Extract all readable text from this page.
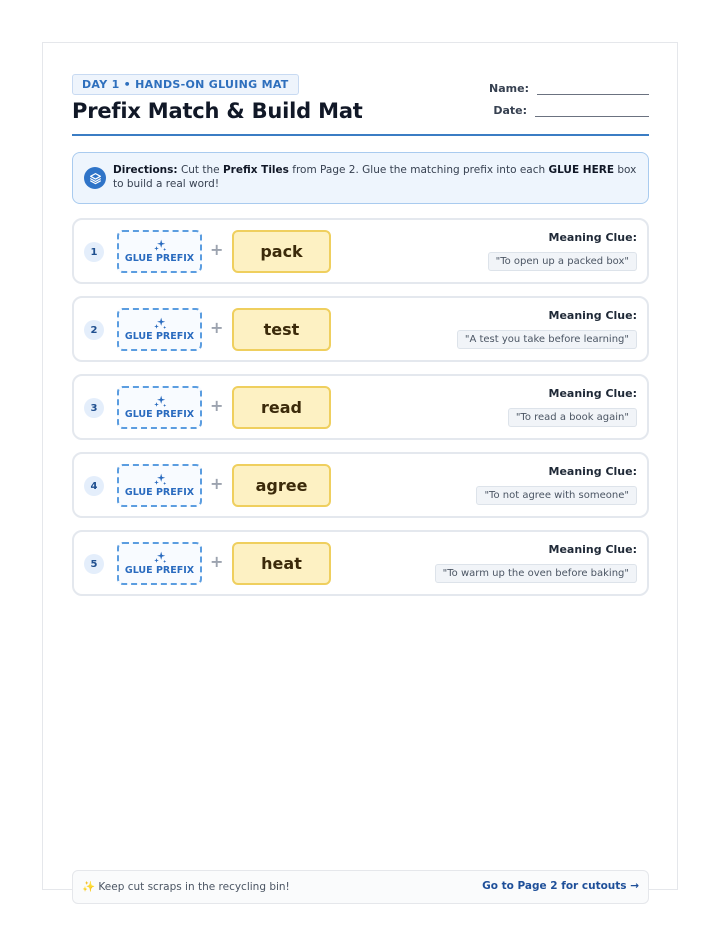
DAY 1 • HANDS-ON GLUING MAT
Prefix Match & Build Mat
Name:
Date:

Directions: Cut the Prefix Tiles from Page 2. Glue the matching prefix into each GLUE HERE box to build a real word!

1
GLUE PREFIX +	pack
Meaning Clue:
"To open up a packed box"
2
GLUE PREFIX +	test
Meaning Clue:
"A test you take before learning"
3
GLUE PREFIX +	read
Meaning Clue:
"To read a book again"
4
GLUE PREFIX +	agree
Meaning Clue:
"To not agree with someone"
5
GLUE PREFIX +	heat
Meaning Clue:
"To warm up the oven before baking"
✨ Keep cut scraps in the recycling bin!	Go to Page 2 for cutouts →
